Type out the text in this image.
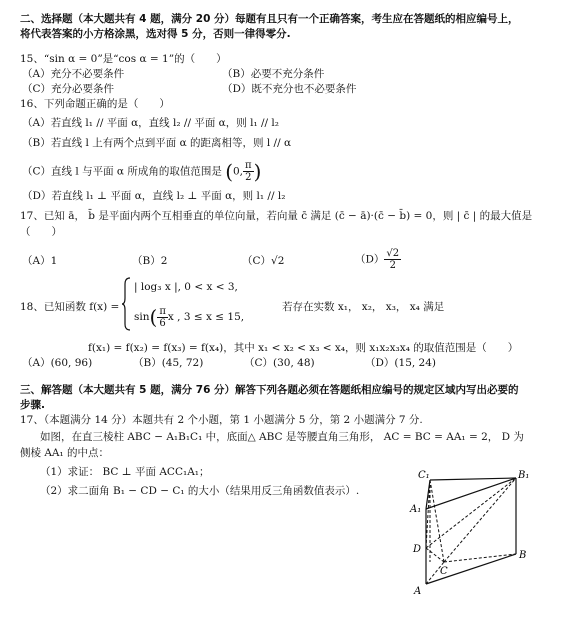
二、选择题（本大题共有 4 题，满分 20 分）每题有且只有一个正确答案，考生应在答题纸的相应编号上，
将代表答案的小方格涂黑，选对得 5 分，否则一律得零分.
15、“sin α = 0”是“cos α = 1”的（　　）
（A）充分不必要条件	（B）必要不充分条件
（C）充分必要条件	（D）既不充分也不必要条件
16、下列命题正确的是（　　）
（A）若直线 l₁ // 平面 α，直线 l₂ // 平面 α，则 l₁ // l₂
（B）若直线 l 上有两个点到平面 α 的距离相等，则 l // α
（C）直线 l 与平面 α 所成角的取值范围是 (0, $\frac{\pi}{2}$ )
（D）若直线 l₁ ⊥ 平面 α，直线 l₂ ⊥ 平面 α，则 l₁ // l₂
17、已知 ā， b̄ 是平面内两个互相垂直的单位向量，若向量 c̄ 满足 (c̄ − ā)·(c̄ − b̄) = 0，则 | c̄ | 的最大值是
（　　）
（A）1	（B）2	（C）√2	$(D) \frac{√2}{2}$
18、已知函数 f(x) =
| log₃ x |, 0 < x < 3,
$\sin( \frac{\pi}{6}$ x , 3 ≤ x ≤ 15,
若存在实数 x₁， x₂， x₃， x₄ 满足
f(x₁) = f(x₂) = f(x₃) = f(x₄)，其中 x₁ < x₂ < x₃ < x₄，则 x₁x₂x₃x₄ 的取值范围是（　　）
（A）(60, 96)	（B）(45, 72)	（C）(30, 48)	（D）(15, 24)
三、解答题（本大题共有 5 题，满分 76 分）解答下列各题必须在答题纸相应编号的规定区域内写出必要的
步骤.
17、（本题满分 14 分）本题共有 2 个小题，第 1 小题满分 5 分，第 2 小题满分 7 分.
如图，在直三棱柱 ABC − A₁B₁C₁ 中，底面△ ABC 是等腰直角三角形， AC = BC = AA₁ = 2， D 为
侧棱 AA₁ 的中点：
（1）求证： BC ⊥ 平面 ACC₁A₁；
（2）求二面角 B₁ − CD − C₁ 的大小（结果用反三角函数值表示）.
C₁	B₁
A₁
D
C
B
A
